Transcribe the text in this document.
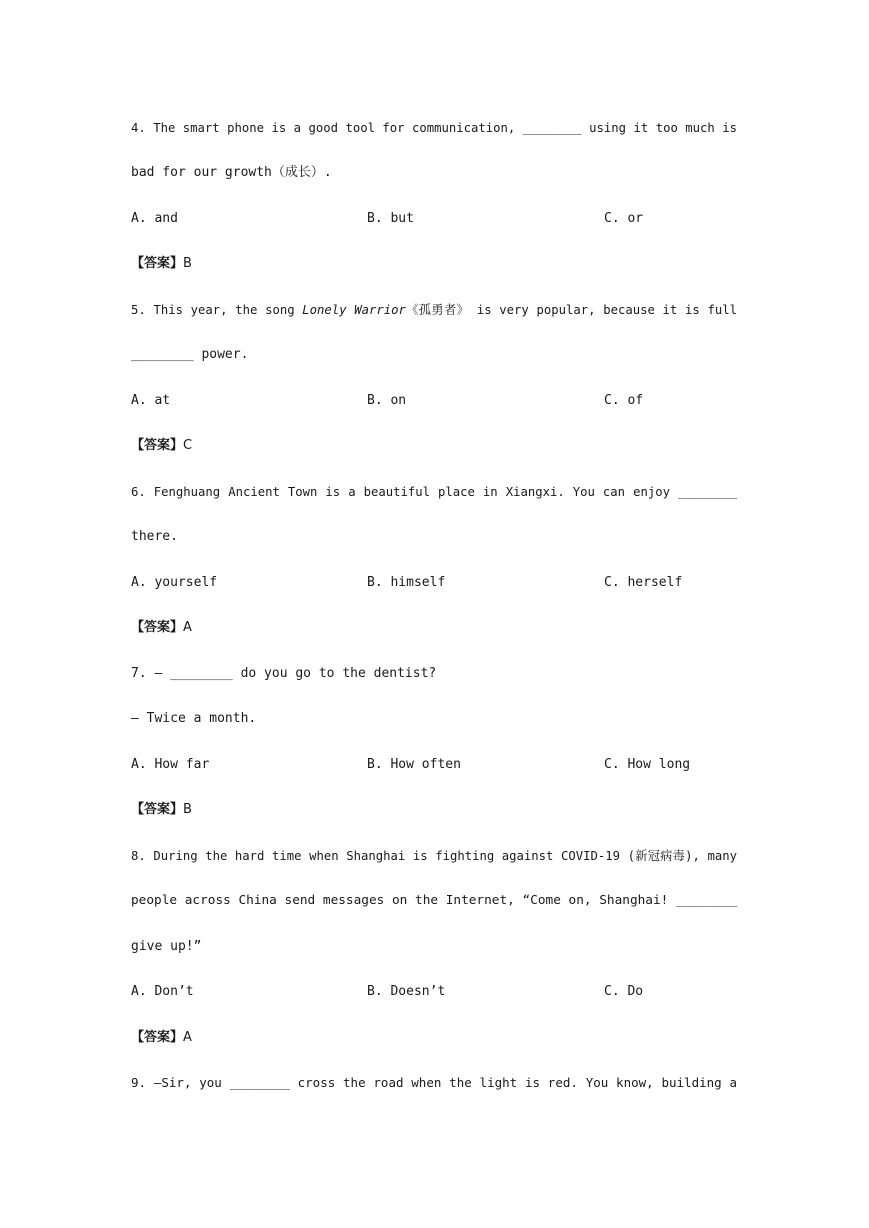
4. The smart phone is a good tool for communication, ________ using it too much is
bad for our growth（成长）.
A. and	B. but	C. or
【答案】B
5. This year, the song Lonely Warrior《孤勇者》 is very popular, because it is full
________ power.
A. at	B. on	C. of
【答案】C
6. Fenghuang Ancient Town is a beautiful place in Xiangxi. You can enjoy ________
there.
A. yourself	B. himself	C. herself
【答案】A
7. — ________ do you go to the dentist?
— Twice a month.
A. How far	B. How often	C. How long
【答案】B
8. During the hard time when Shanghai is fighting against COVID-19 (新冠病毒), many
people across China send messages on the Internet, “Come on, Shanghai! ________
give up!”
A. Don’t	B. Doesn’t	C. Do
【答案】A
9. —Sir, you ________ cross the road when the light is red. You know, building a
